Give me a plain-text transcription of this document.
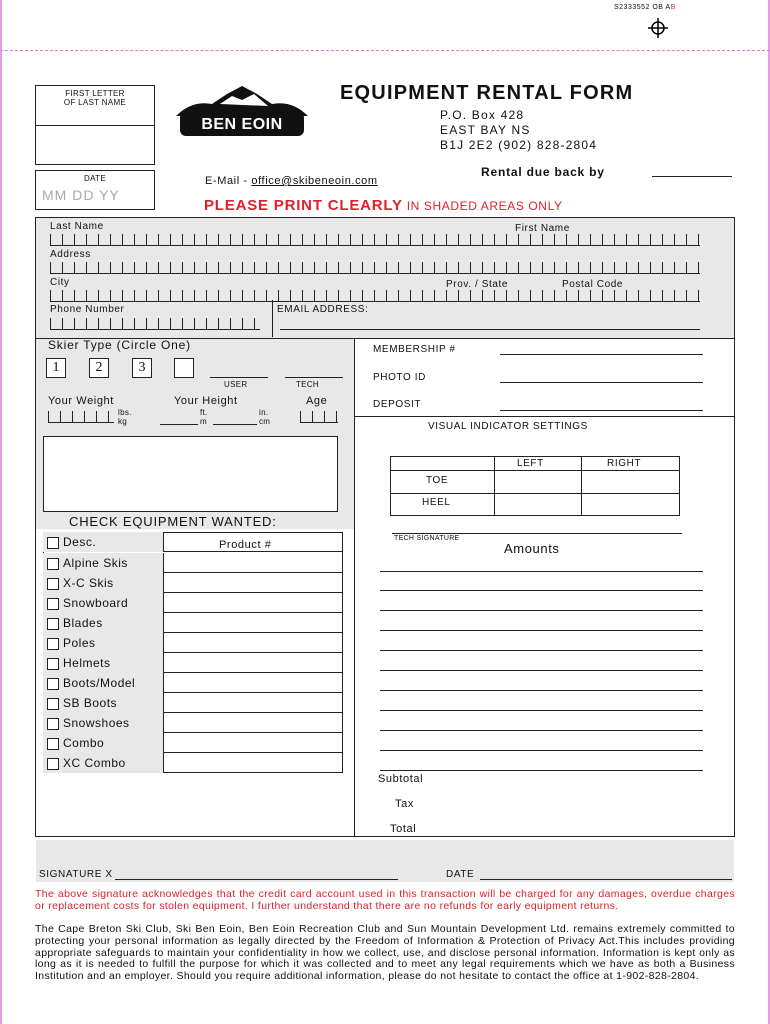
S2333552 OB AB
FIRST LETTER
OF LAST NAME
DATE
MM DD YY
BEN EOIN
EQUIPMENT RENTAL FORM
P.O. Box 428
EAST BAY NS
B1J 2E2 (902) 828-2804
Rental due back by
E-Mail - office@skibeneoin.com
PLEASE PRINT CLEARLY IN SHADED AREAS ONLY
Last Name	First Name
Address
City	Prov. / State	Postal Code
Phone Number	EMAIL ADDRESS:
Skier Type (Circle One)
1	2	3
USER	TECH
Your Weight	Your Height	Age
lbs.
kg
ft.
m
in.
cm
MEMBERSHIP #
PHOTO ID
DEPOSIT
VISUAL INDICATOR SETTINGS
LEFT	RIGHT
TOE
HEEL
TECH SIGNATURE
Amounts
Subtotal
Tax
Total
CHECK EQUIPMENT WANTED:
Desc.	Product #
Alpine Skis
X-C Skis
Snowboard
Blades
Poles
Helmets
Boots/Model
SB Boots
Snowshoes
Combo
XC Combo
SIGNATURE X	DATE
The above signature acknowledges that the credit card account used in this transaction will be charged for any damages, overdue charges or replacement costs for stolen equipment. I further understand that there are no refunds for early equipment returns.
The Cape Breton Ski Club, Ski Ben Eoin, Ben Eoin Recreation Club and Sun Mountain Development Ltd. remains extremely committed to protecting your personal information as legally directed by the Freedom of Information & Protection of Privacy Act.This includes providing appropriate safeguards to maintain your confidentiality in how we collect, use, and disclose personal information. Information is kept only as long as it is needed to fulfill the purpose for which it was collected and to meet any legal requirements which we have as both a Business Institution and an employer. Should you require additional information, please do not hesitate to contact the office at 1-902-828-2804.
